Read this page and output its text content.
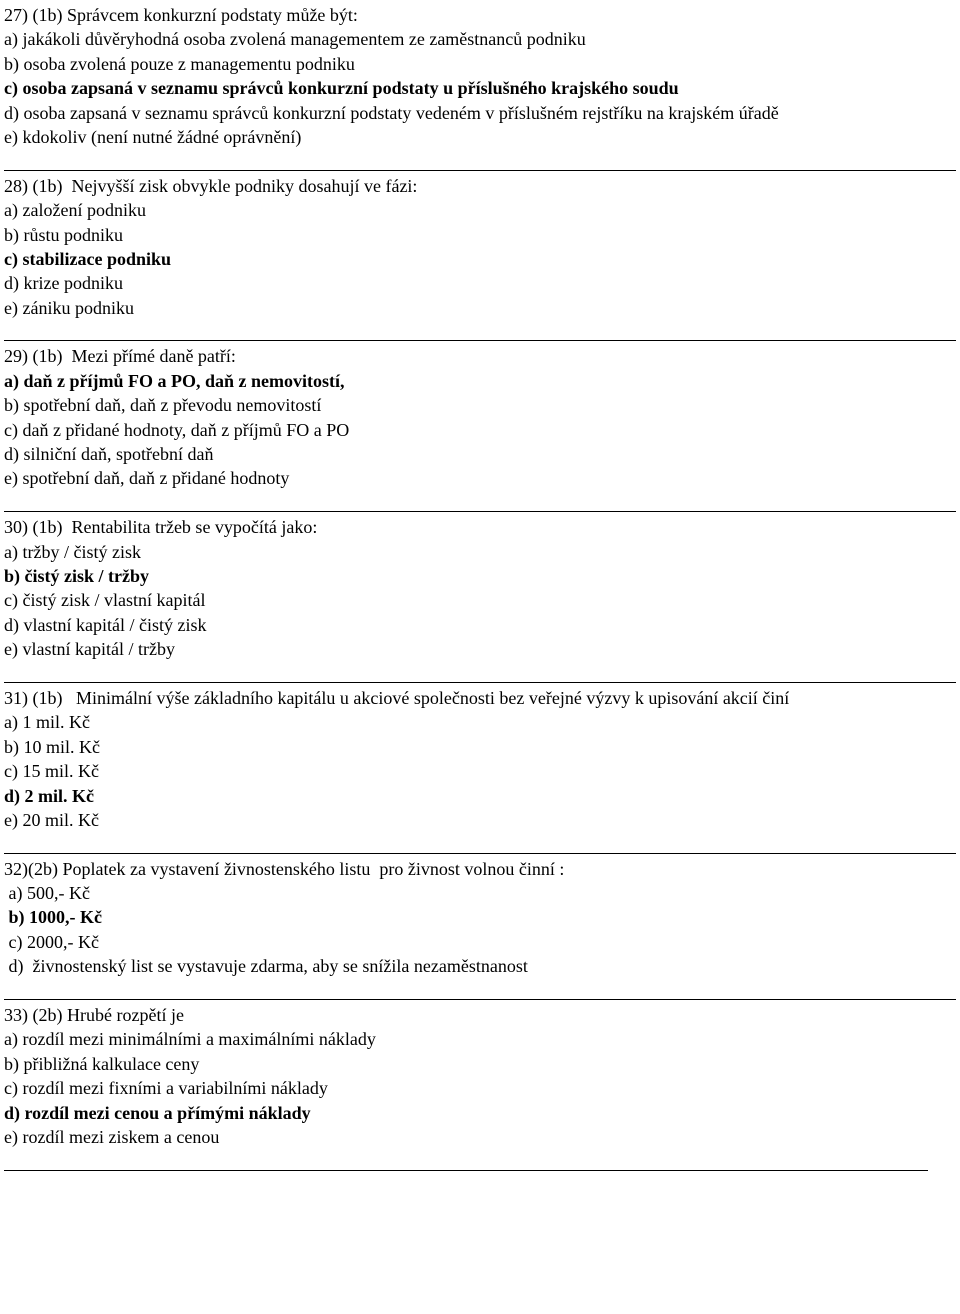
27) (1b) Správcem konkurzní podstaty může být:
a) jakákoli důvěryhodná osoba zvolená managementem ze zaměstnanců podniku
b) osoba zvolená pouze z managementu podniku
c) osoba zapsaná v seznamu správců konkurzní podstaty u příslušného krajského soudu
d) osoba zapsaná v seznamu správců konkurzní podstaty vedeném v příslušném rejstříku na krajském úřadě
e) kdokoliv (není nutné žádné oprávnění)
28) (1b)  Nejvyšší zisk obvykle podniky dosahují ve fázi:
a) založení podniku
b) růstu podniku
c) stabilizace podniku
d) krize podniku
e) zániku podniku
29) (1b)  Mezi přímé daně patří:
a) daň z příjmů FO a PO, daň z nemovitostí,
b) spotřební daň, daň z převodu nemovitostí
c) daň z přidané hodnoty, daň z příjmů FO a PO
d) silniční daň, spotřební daň
e) spotřební daň, daň z přidané hodnoty
30) (1b)  Rentabilita tržeb se vypočítá jako:
a) tržby / čistý zisk
b) čistý zisk / tržby
c) čistý zisk / vlastní kapitál
d) vlastní kapitál / čistý zisk
e) vlastní kapitál / tržby
31) (1b)   Minimální výše základního kapitálu u akciové společnosti bez veřejné výzvy k upisování akcií činí
a) 1 mil. Kč
b) 10 mil. Kč
c) 15 mil. Kč
d) 2 mil. Kč
e) 20 mil. Kč
32)(2b) Poplatek za vystavení živnostenského listu  pro živnost volnou činní :
a) 500,- Kč
b) 1000,- Kč
c) 2000,- Kč
d)  živnostenský list se vystavuje zdarma, aby se snížila nezaměstnanost
33) (2b) Hrubé rozpětí je
a) rozdíl mezi minimálními a maximálními náklady
b) přibližná kalkulace ceny
c) rozdíl mezi fixními a variabilními náklady
d) rozdíl mezi cenou a přímými náklady
e) rozdíl mezi ziskem a cenou
